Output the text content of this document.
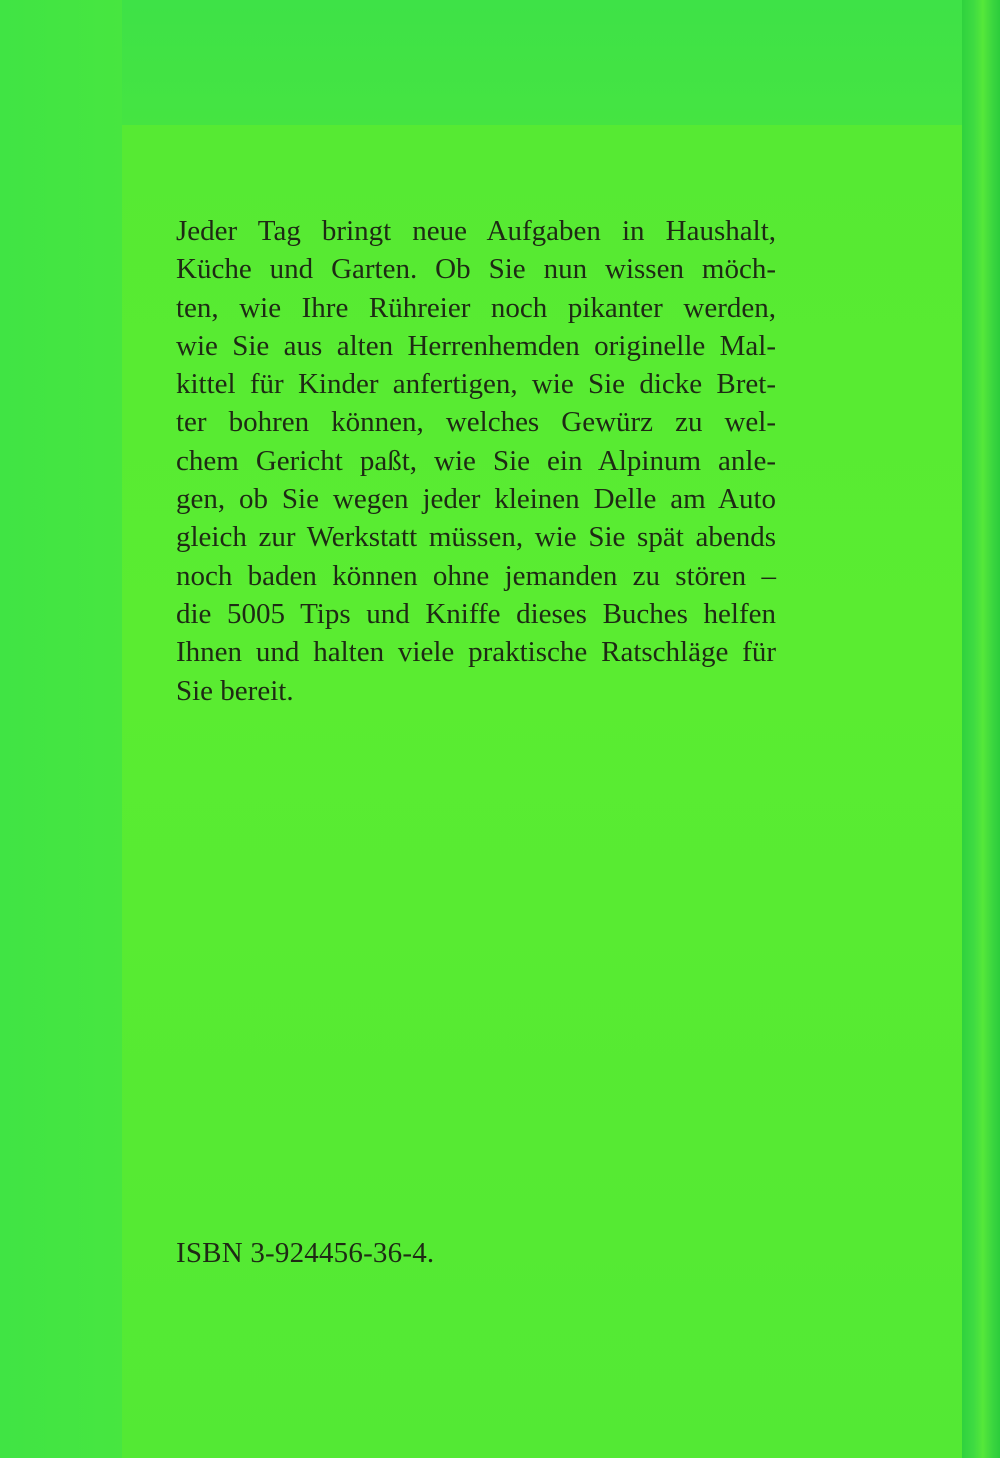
Jeder Tag bringt neue Aufgaben in Haushalt,
Küche und Garten. Ob Sie nun wissen möch-
ten, wie Ihre Rühreier noch pikanter werden,
wie Sie aus alten Herrenhemden originelle Mal-
kittel für Kinder anfertigen, wie Sie dicke Bret-
ter bohren können, welches Gewürz zu wel-
chem Gericht paßt, wie Sie ein Alpinum anle-
gen, ob Sie wegen jeder kleinen Delle am Auto
gleich zur Werkstatt müssen, wie Sie spät abends
noch baden können ohne jemanden zu stören –
die 5005 Tips und Kniffe dieses Buches helfen
Ihnen und halten viele praktische Ratschläge für
Sie bereit.

ISBN 3-924456-36-4.
